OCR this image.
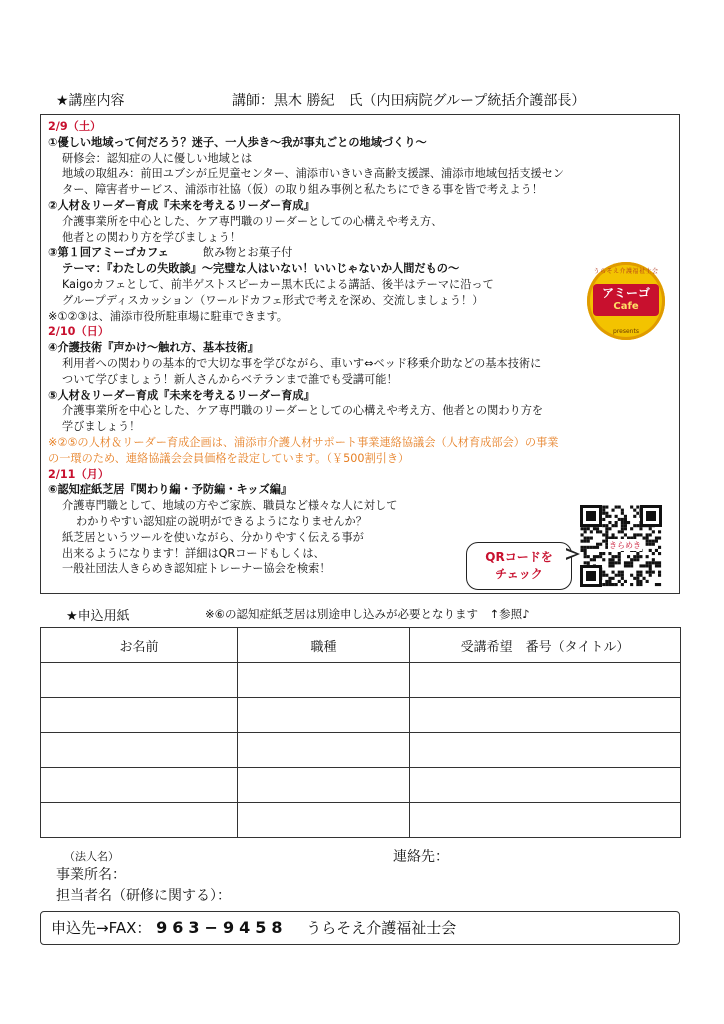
★講座内容	講師：黒木 勝紀　氏（内田病院グループ統括介護部長）
2/9（土）
①優しい地域って何だろう？迷子、一人歩き～我が事丸ごとの地域づくり～
研修会：認知症の人に優しい地域とは
地域の取組み：前田ユブシが丘児童センター、浦添市いきいき高齢支援課、浦添市地域包括支援セン
ター、障害者サービス、浦添市社協（仮）の取り組み事例と私たちにできる事を皆で考えよう！
②人材＆リーダー育成『未来を考えるリーダー育成』
介護事業所を中心とした、ケア専門職のリーダーとしての心構えや考え方、
他者との関わり方を学びましょう！
③第１回アミーゴカフェ	飲み物とお菓子付
テーマ：『わたしの失敗談』～完璧な人はいない！いいじゃないか人間だもの～
Kaigoカフェとして、前半ゲストスピーカー黒木氏による講話、後半はテーマに沿って
グループディスカッション（ワールドカフェ形式で考えを深め、交流しましょう！）
※①②③は、浦添市役所駐車場に駐車できます。
2/10（日）
④介護技術『声かけ～触れ方、基本技術』
利用者への関わりの基本的で大切な事を学びながら、車いす⇔ベッド移乗介助などの基本技術に
ついて学びましょう！新人さんからベテランまで誰でも受講可能！
⑤人材＆リーダー育成『未来を考えるリーダー育成』
介護事業所を中心とした、ケア専門職のリーダーとしての心構えや考え方、他者との関わり方を
学びましょう！
※②⑤の人材＆リーダー育成企画は、浦添市介護人材サポート事業連絡協議会（人材育成部会）の事業
の一環のため、連絡協議会会員価格を設定しています。（￥500割引き）
2/11（月）
⑥認知症紙芝居『関わり編・予防編・キッズ編』
介護専門職として、地域の方やご家族、職員など様々な人に対して
わかりやすい認知症の説明ができるようになりませんか？
紙芝居というツールを使いながら、分かりやすく伝える事が
出来るようになります！詳細はQRコードもしくは、
一般社団法人きらめき認知症トレーナー協会を検索！
うらそえ介護福祉士会
アミーゴ
Cafe
presents
QRコードを
チェック
きらめき
★申込用紙	※⑥の認知症紙芝居は別途申し込みが必要となります　↑参照♪
お名前	職種	受講希望　番号（タイトル）

（法人名）	連絡先：
事業所名：
担当者名（研修に関する）：
申込先→FAX： 963−9458 うらそえ介護福祉士会
